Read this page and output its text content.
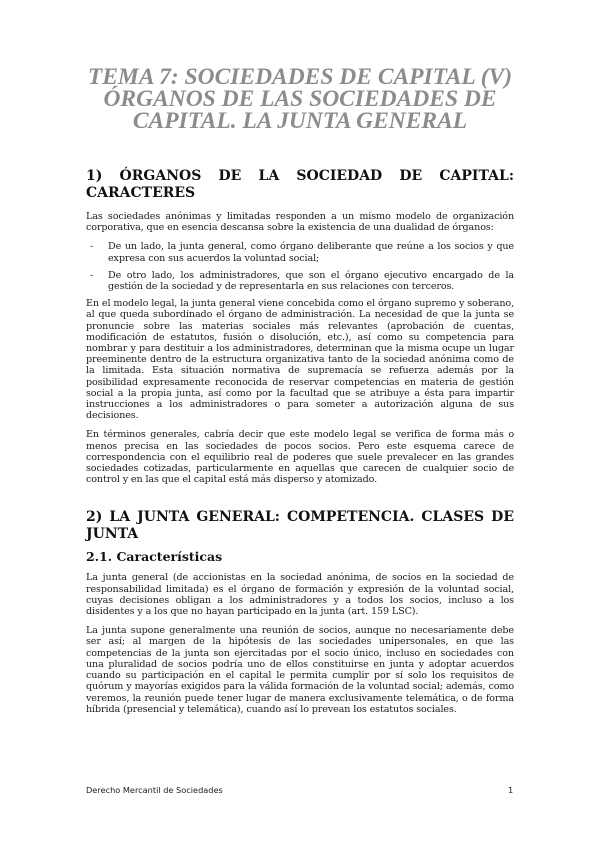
TEMA 7: SOCIEDADES DE CAPITAL (V)
ÓRGANOS DE LAS SOCIEDADES DE
CAPITAL. LA JUNTA GENERAL
1) ÓRGANOS DE LA SOCIEDAD DE CAPITAL: CARACTERES

Las sociedades anónimas y limitadas responden a un mismo modelo de organización corporativa, que en esencia descansa sobre la existencia de una dualidad de órganos:

- De un lado, la junta general, como órgano deliberante que reúne a los socios y que expresa con sus acuerdos la voluntad social;
- De otro lado, los administradores, que son el órgano ejecutivo encargado de la gestión de la sociedad y de representarla en sus relaciones con terceros.

En el modelo legal, la junta general viene concebida como el órgano supremo y soberano, al que queda subordinado el órgano de administración. La necesidad de que la junta se pronuncie sobre las materias sociales más relevantes (aprobación de cuentas, modificación de estatutos, fusión o disolución, etc.), así como su competencia para nombrar y para destituir a los administradores, determinan que la misma ocupe un lugar preeminente dentro de la estructura organizativa tanto de la sociedad anónima como de la limitada. Esta situación normativa de supremacía se refuerza además por la posibilidad expresamente reconocida de reservar competencias en materia de gestión social a la propia junta, así como por la facultad que se atribuye a ésta para impartir instrucciones a los administradores o para someter a autorización alguna de sus decisiones.

En términos generales, cabría decir que este modelo legal se verifica de forma más o menos precisa en las sociedades de pocos socios. Pero este esquema carece de correspondencia con el equilibrio real de poderes que suele prevalecer en las grandes sociedades cotizadas, particularmente en aquellas que carecen de cualquier socio de control y en las que el capital está más disperso y atomizado.

2) LA JUNTA GENERAL: COMPETENCIA. CLASES DE JUNTA
2.1. Características

La junta general (de accionistas en la sociedad anónima, de socios en la sociedad de responsabilidad limitada) es el órgano de formación y expresión de la voluntad social, cuyas decisiones obligan a los administradores y a todos los socios, incluso a los disidentes y a los que no hayan participado en la junta (art. 159 LSC).

La junta supone generalmente una reunión de socios, aunque no necesariamente debe ser así; al margen de la hipótesis de las sociedades unipersonales, en que las competencias de la junta son ejercitadas por el socio único, incluso en sociedades con una pluralidad de socios podría uno de ellos constituirse en junta y adoptar acuerdos cuando su participación en el capital le permita cumplir por sí solo los requisitos de quórum y mayorías exigidos para la válida formación de la voluntad social; además, como veremos, la reunión puede tener lugar de manera exclusivamente telemática, o de forma híbrida (presencial y telemática), cuando así lo prevean los estatutos sociales.

Derecho Mercantil de Sociedades	1
